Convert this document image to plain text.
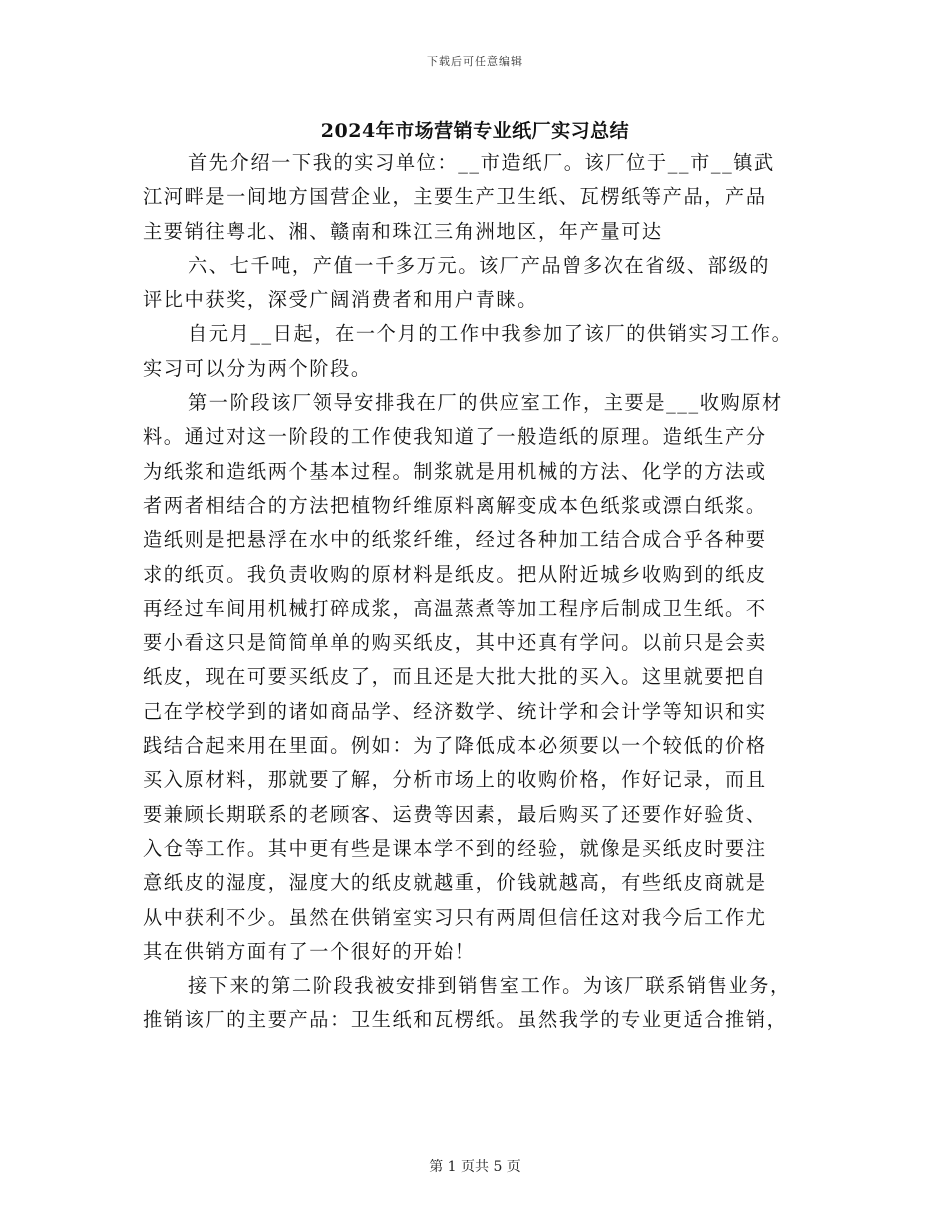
下载后可任意编辑
2024年市场营销专业纸厂实习总结
首先介绍一下我的实习单位：__市造纸厂。该厂位于__市__镇武
江河畔是一间地方国营企业，主要生产卫生纸、瓦楞纸等产品，产品
主要销往粤北、湘、赣南和珠江三角洲地区，年产量可达
六、七千吨，产值一千多万元。该厂产品曾多次在省级、部级的
评比中获奖，深受广阔消费者和用户青睐。
自元月__日起，在一个月的工作中我参加了该厂的供销实习工作。
实习可以分为两个阶段。
第一阶段该厂领导安排我在厂的供应室工作，主要是___收购原材
料。通过对这一阶段的工作使我知道了一般造纸的原理。造纸生产分
为纸浆和造纸两个基本过程。制浆就是用机械的方法、化学的方法或
者两者相结合的方法把植物纤维原料离解变成本色纸浆或漂白纸浆。
造纸则是把悬浮在水中的纸浆纤维，经过各种加工结合成合乎各种要
求的纸页。我负责收购的原材料是纸皮。把从附近城乡收购到的纸皮
再经过车间用机械打碎成浆，高温蒸煮等加工程序后制成卫生纸。不
要小看这只是简简单单的购买纸皮，其中还真有学问。以前只是会卖
纸皮，现在可要买纸皮了，而且还是大批大批的买入。这里就要把自
己在学校学到的诸如商品学、经济数学、统计学和会计学等知识和实
践结合起来用在里面。例如：为了降低成本必须要以一个较低的价格
买入原材料，那就要了解，分析市场上的收购价格，作好记录，而且
要兼顾长期联系的老顾客、运费等因素，最后购买了还要作好验货、
入仓等工作。其中更有些是课本学不到的经验，就像是买纸皮时要注
意纸皮的湿度，湿度大的纸皮就越重，价钱就越高，有些纸皮商就是
从中获利不少。虽然在供销室实习只有两周但信任这对我今后工作尤
其在供销方面有了一个很好的开始！
接下来的第二阶段我被安排到销售室工作。为该厂联系销售业务，
推销该厂的主要产品：卫生纸和瓦楞纸。虽然我学的专业更适合推销，
第 1 页共 5 页
